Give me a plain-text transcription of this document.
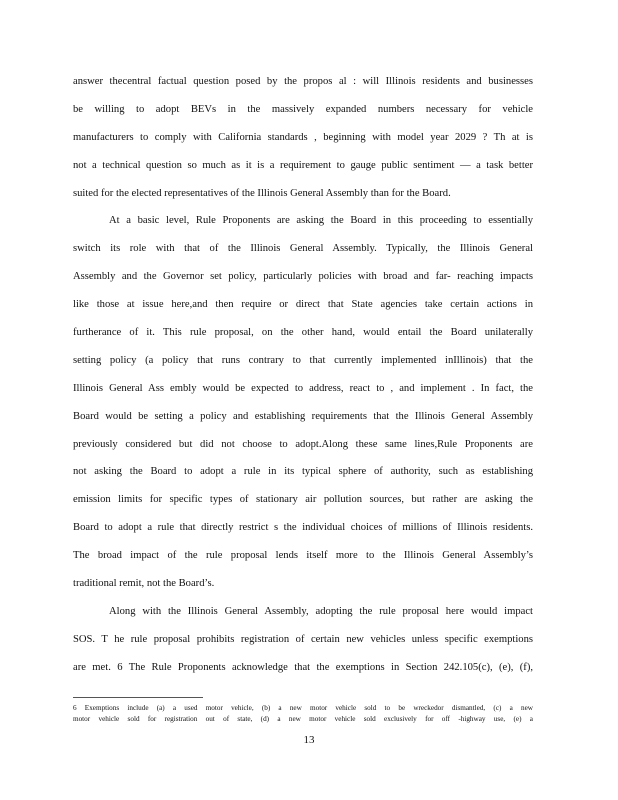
answer thecentral factual question posed by the propos al : will Illinois residents and businesses
be willing to adopt BEVs in the massively expanded numbers necessary for vehicle
manufacturers to comply with California standards , beginning with model year 2029 ? Th at is
not a technical question so much as it is a requirement to gauge public sentiment — a task better
suited for the elected representatives of the Illinois General Assembly than for the Board.
At a basic level, Rule Proponents are asking the Board in this proceeding to essentially
switch its role with that of the Illinois General Assembly. Typically, the Illinois General
Assembly and the Governor set policy, particularly policies with broad and far- reaching impacts
like those at issue here,and then require or direct that State agencies take certain actions in
furtherance of it. This rule proposal, on the other hand, would entail the Board unilaterally
setting policy (a policy that runs contrary to that currently implemented inIllinois) that the
Illinois General Ass embly would be expected to address, react to , and implement . In fact, the
Board would be setting a policy and establishing requirements that the Illinois General Assembly
previously considered but did not choose to adopt.Along these same lines,Rule Proponents are
not asking the Board to adopt a rule in its typical sphere of authority, such as establishing
emission limits for specific types of stationary air pollution sources, but rather are asking the
Board to adopt a rule that directly restrict s the individual choices of millions of Illinois residents.
The broad impact of the rule proposal lends itself more to the Illinois General Assembly’s
traditional remit, not the Board’s.
Along with the Illinois General Assembly, adopting the rule proposal here would impact
SOS. T he rule proposal prohibits registration of certain new vehicles unless specific exemptions
are met. 6 The Rule Proponents acknowledge that the exemptions in Section 242.105(c), (e), (f),
6 Exemptions include (a) a used motor vehicle, (b) a new motor vehicle sold to be wreckedor dismantled, (c) a new
motor vehicle sold for registration out of state, (d) a new motor vehicle sold exclusively for off -highway use, (e) a
13
